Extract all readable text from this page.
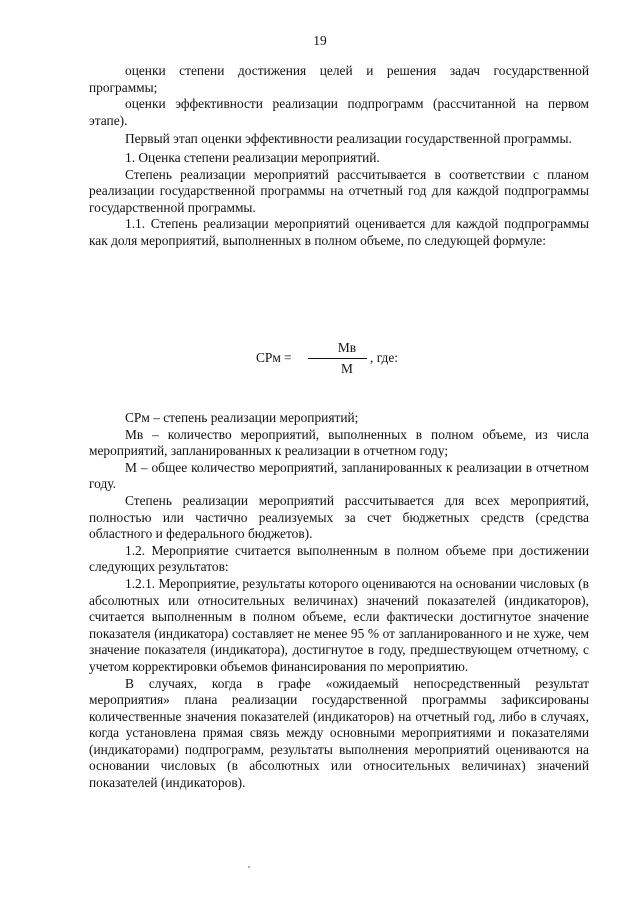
19

оценки степени достижения целей и решения задач государственной программы;

оценки эффективности реализации подпрограмм (рассчитанной на первом этапе).

Первый этап оценки эффективности реализации государственной программы.

1. Оценка степени реализации мероприятий.

Степень реализации мероприятий рассчитывается в соответствии с планом реализации государственной программы на отчетный год для каждой подпрограммы государственной программы.

1.1. Степень реализации мероприятий оценивается для каждой подпрограммы как доля мероприятий, выполненных в полном объеме, по следующей формуле:

СРм =
Мв
М
, где:

СРм – степень реализации мероприятий;

Мв – количество мероприятий, выполненных в полном объеме, из числа мероприятий, запланированных к реализации в отчетном году;

М – общее количество мероприятий, запланированных к реализации в отчетном году.

Степень реализации мероприятий рассчитывается для всех мероприятий, полностью или частично реализуемых за счет бюджетных средств (средства областного и федерального бюджетов).

1.2. Мероприятие считается выполненным в полном объеме при достижении следующих результатов:

1.2.1. Мероприятие, результаты которого оцениваются на основании числовых (в абсолютных или относительных величинах) значений показателей (индикаторов), считается выполненным в полном объеме, если фактически достигнутое значение показателя (индикатора) составляет не менее 95 % от запланированного и не хуже, чем значение показателя (индикатора), достигнутое в году, предшествующем отчетному, с учетом корректировки объемов финансирования по мероприятию.

В случаях, когда в графе «ожидаемый непосредственный результат мероприятия» плана реализации государственной программы зафиксированы количественные значения показателей (индикаторов) на отчетный год, либо в случаях, когда установлена прямая связь между основными мероприятиями и показателями (индикаторами) подпрограмм, результаты выполнения мероприятий оцениваются на основании числовых (в абсолютных или относительных величинах) значений показателей (индикаторов).
